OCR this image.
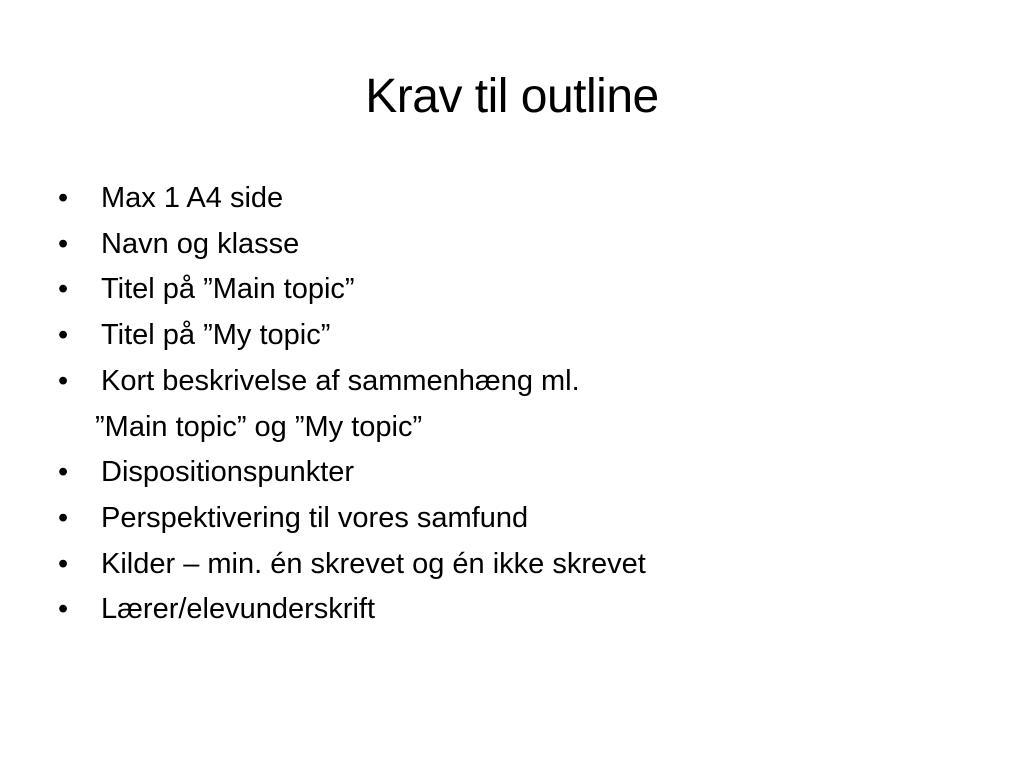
Krav til outline
•	Max 1 A4 side
•	Navn og klasse
•	Titel på ”Main topic”
•	Titel på ”My topic”
•	Kort beskrivelse af sammenhæng ml.
”Main topic” og ”My topic”
•	Dispositionspunkter
•	Perspektivering til vores samfund
•	Kilder – min. én skrevet og én ikke skrevet
•	Lærer/elevunderskrift
